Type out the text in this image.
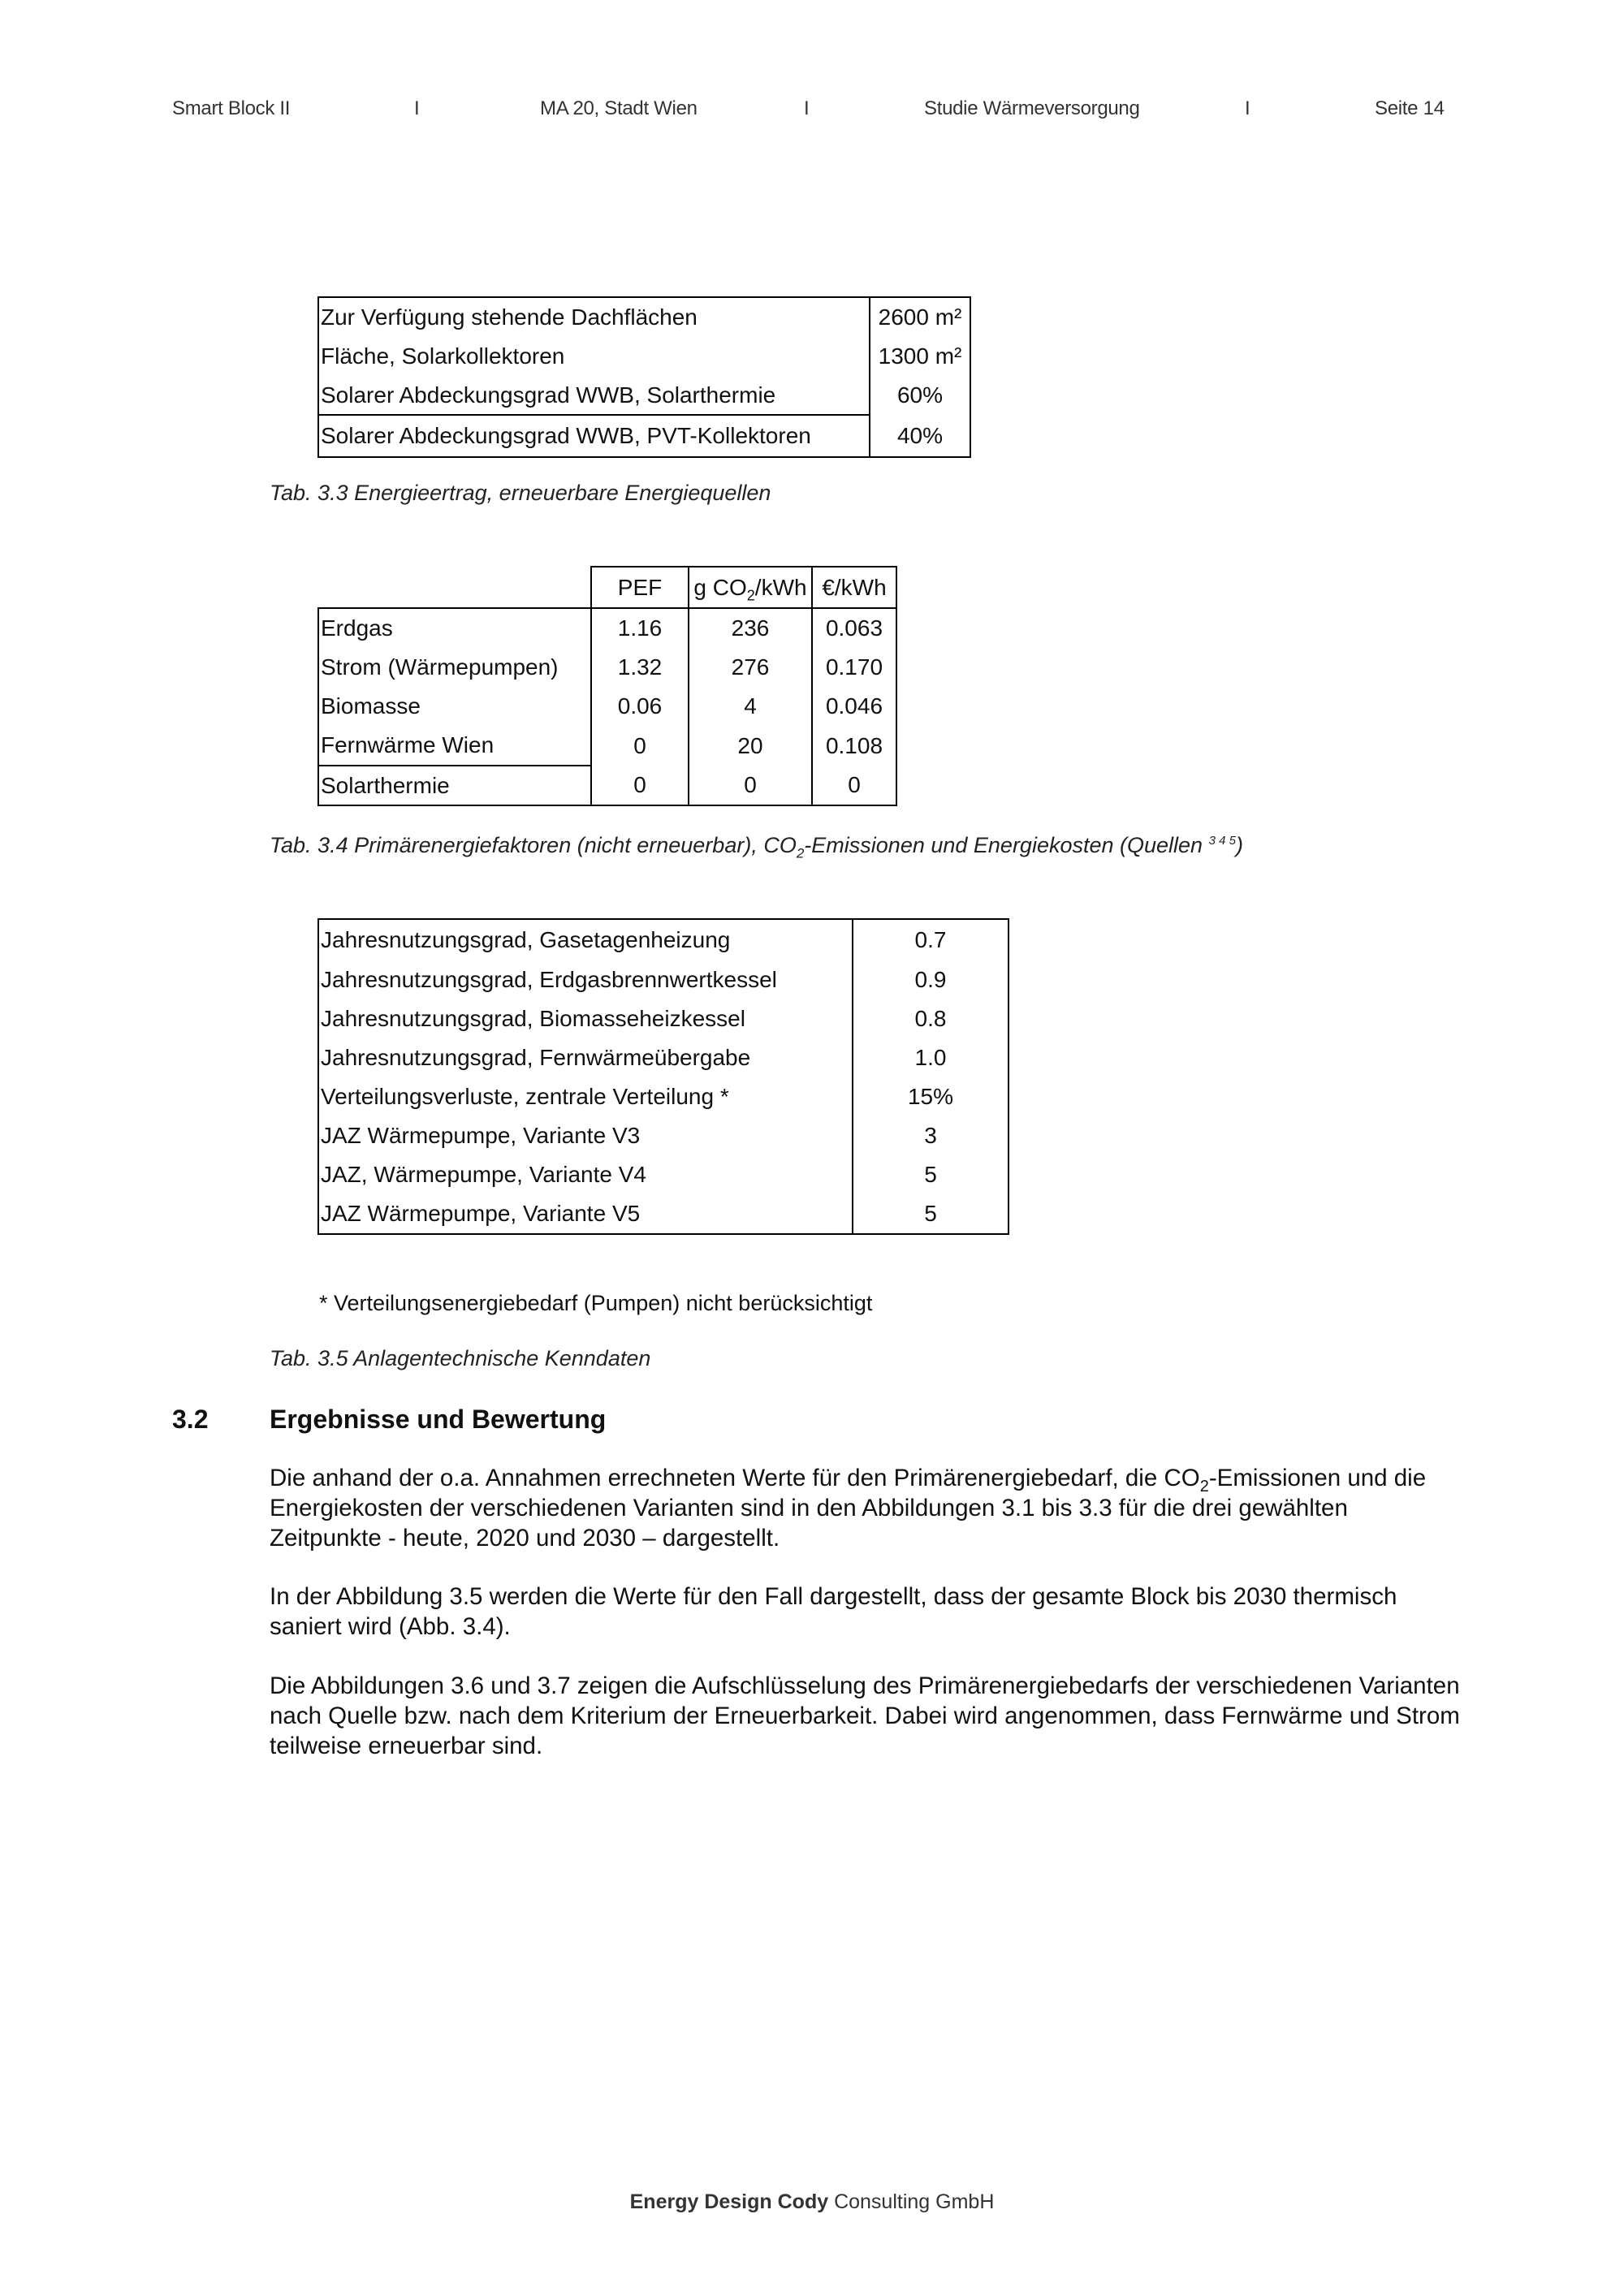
Smart Block II	I	MA 20, Stadt Wien	I	Studie Wärmeversorgung	I	Seite 14
Zur Verfügung stehende Dachflächen	2600 m²
Fläche, Solarkollektoren	1300 m²
Solarer Abdeckungsgrad WWB, Solarthermie	60%
Solarer Abdeckungsgrad WWB, PVT-Kollektoren	40%
Tab. 3.3 Energieertrag, erneuerbare Energiequellen
	PEF	g $CO_2$/kWh	€/kWh
Erdgas	1.16	236	0.063
Strom (Wärmepumpen)	1.32	276	0.170
Biomasse	0.06	4	0.046
Fernwärme Wien	0	20	0.108
Solarthermie	0	0	0
Tab. 3.4 Primärenergiefaktoren (nicht erneuerbar), $CO_2$-Emissionen und Energiekosten (Quellen $^{3 4 5}$)
Jahresnutzungsgrad, Gasetagenheizung	0.7
Jahresnutzungsgrad, Erdgasbrennwertkessel	0.9
Jahresnutzungsgrad, Biomasseheizkessel	0.8
Jahresnutzungsgrad, Fernwärmeübergabe	1.0
Verteilungsverluste, zentrale Verteilung *	15%
JAZ Wärmepumpe, Variante V3	3
JAZ, Wärmepumpe, Variante V4	5
JAZ Wärmepumpe, Variante V5	5
* Verteilungsenergiebedarf (Pumpen) nicht berücksichtigt
Tab. 3.5 Anlagentechnische Kenndaten
3.2 Ergebnisse und Bewertung
Die anhand der o.a. Annahmen errechneten Werte für den Primärenergiebedarf, die $CO_2$-Emissionen und die Energiekosten der verschiedenen Varianten sind in den Abbildungen 3.1 bis 3.3 für die drei gewählten Zeitpunkte - heute, 2020 und 2030 – dargestellt.
In der Abbildung 3.5 werden die Werte für den Fall dargestellt, dass der gesamte Block bis 2030 thermisch saniert wird (Abb. 3.4).
Die Abbildungen 3.6 und 3.7 zeigen die Aufschlüsselung des Primärenergiebedarfs der verschiedenen Varianten nach Quelle bzw. nach dem Kriterium der Erneuerbarkeit. Dabei wird angenommen, dass Fernwärme und Strom teilweise erneuerbar sind.
Energy Design Cody Consulting GmbH
